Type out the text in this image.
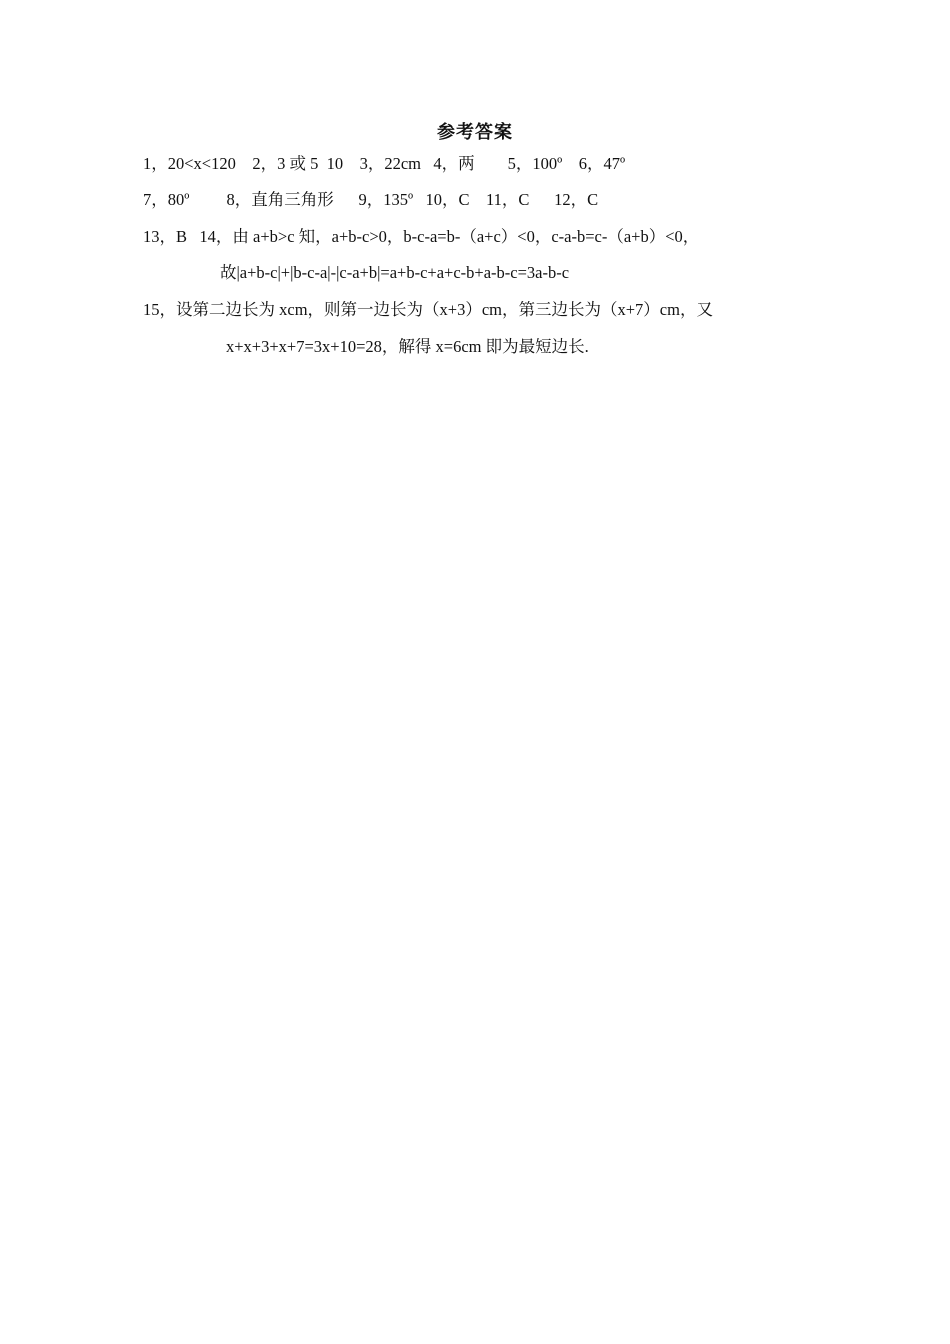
参考答案
1，20<x<120    2，3 或 5  10    3，22cm   4，两        5，100º    6，47º
7，80º         8，直角三角形      9，135º   10，C    11，C      12，C
13，B   14，由 a+b>c 知，a+b-c>0，b-c-a=b-（a+c）<0，c-a-b=c-（a+b）<0，
故|a+b-c|+|b-c-a|-|c-a+b|=a+b-c+a+c-b+a-b-c=3a-b-c
15，设第二边长为 xcm，则第一边长为（x+3）cm，第三边长为（x+7）cm，又
x+x+3+x+7=3x+10=28，解得 x=6cm 即为最短边长.
